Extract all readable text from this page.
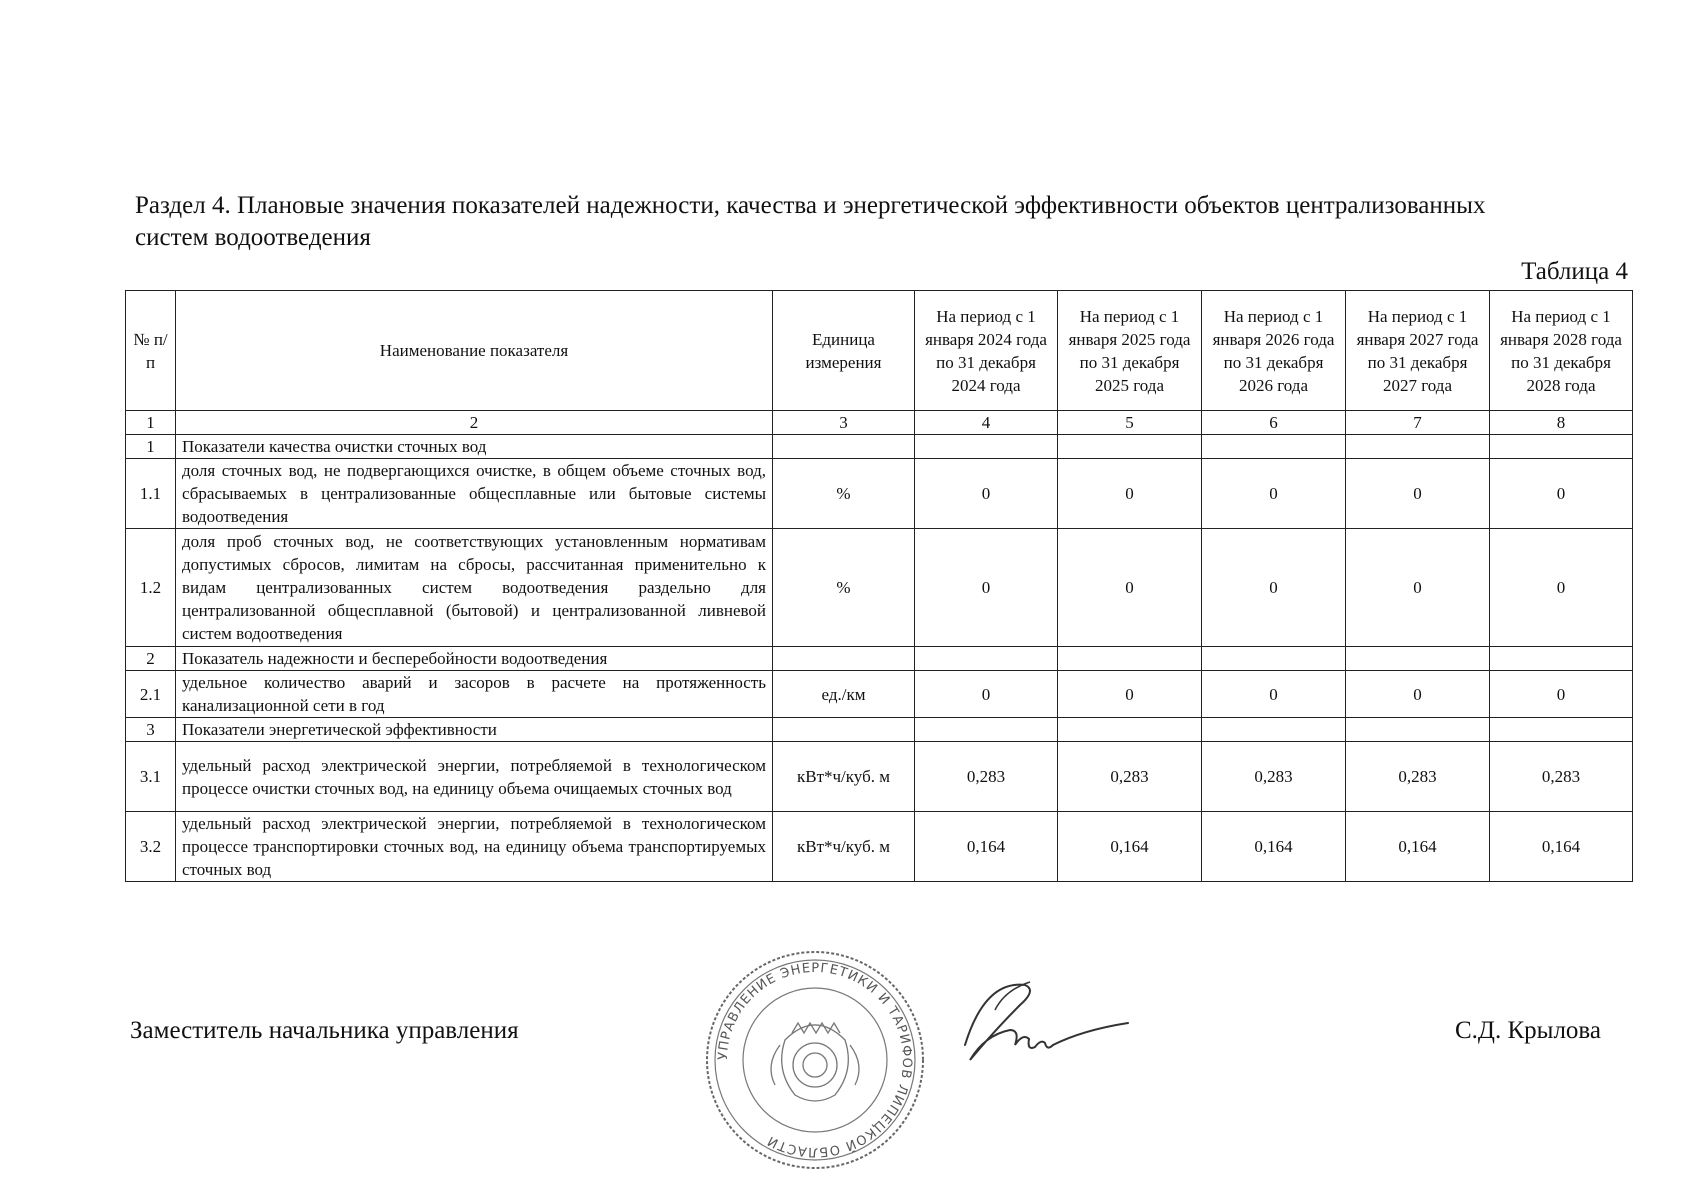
Раздел 4. Плановые значения показателей надежности, качества и энергетической эффективности объектов централизованных систем водоотведения
Таблица 4
№ п/п	Наименование показателя	Единица измерения	На период с 1 января 2024 года по 31 декабря 2024 года	На период с 1 января 2025 года по 31 декабря 2025 года	На период с 1 января 2026 года по 31 декабря 2026 года	На период с 1 января 2027 года по 31 декабря 2027 года	На период с 1 января 2028 года по 31 декабря 2028 года
1	2	3	4	5	6	7	8
1	Показатели качества очистки сточных вод						
1.1	доля сточных вод, не подвергающихся очистке, в общем объеме сточных вод, сбрасываемых в централизованные общесплавные или бытовые системы водоотведения	%	0	0	0	0	0
1.2	доля проб сточных вод, не соответствующих установленным нормативам допустимых сбросов, лимитам на сбросы, рассчитанная применительно к видам централизованных систем водоотведения раздельно для централизованной общесплавной (бытовой) и централизованной ливневой систем водоотведения	%	0	0	0	0	0
2	Показатель надежности и бесперебойности водоотведения						
2.1	удельное количество аварий и засоров в расчете на протяженность канализационной сети в год	ед./км	0	0	0	0	0
3	Показатели энергетической эффективности						
3.1	удельный расход электрической энергии, потребляемой в технологическом процессе очистки сточных вод, на единицу объема очищаемых сточных вод	кВт*ч/куб. м	0,283	0,283	0,283	0,283	0,283
3.2	удельный расход электрической энергии, потребляемой в технологическом процессе транспортировки сточных вод, на единицу объема транспортируемых сточных вод	кВт*ч/куб. м	0,164	0,164	0,164	0,164	0,164
Заместитель начальника управления
УПРАВЛЕНИЕ ЭНЕРГЕТИКИ И ТАРИФОВ ЛИПЕЦКОЙ ОБЛАСТИ
С.Д. Крылова
